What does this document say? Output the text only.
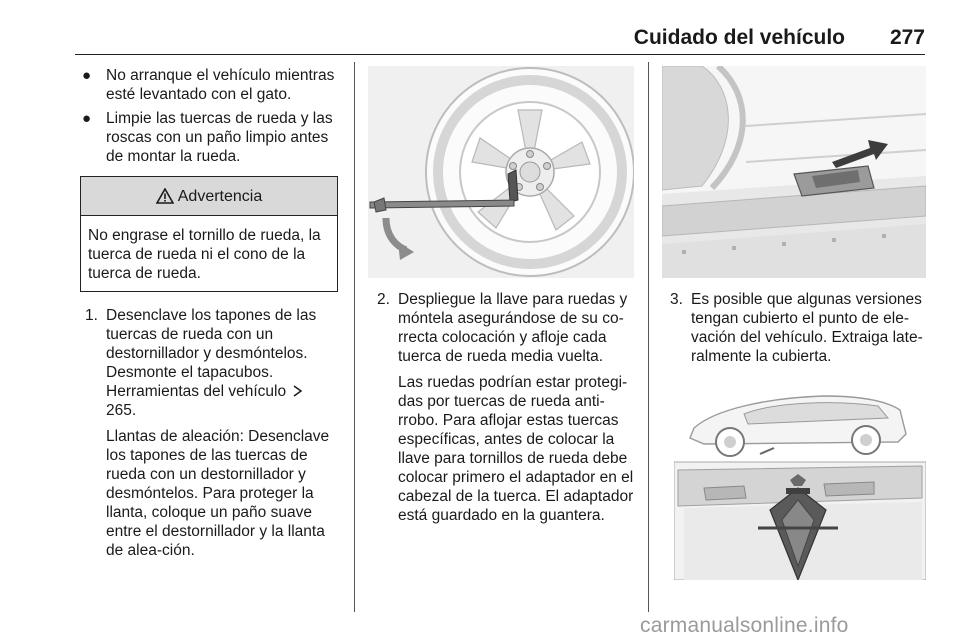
Cuidado del vehículo 277
● No arranque el vehículo mientras esté levantado con el gato.
● Limpie las tuercas de rueda y las roscas con un paño limpio antes de montar la rueda.
Advertencia
No engrase el tornillo de rueda, la tuerca de rueda ni el cono de la tuerca de rueda.
1. Desenclave los tapones de las tuercas de rueda con un destornillador y desmóntelos. Desmonte el tapacubos. Herramientas del vehículo  265.

Llantas de aleación: Desenclave los tapones de las tuercas de rueda con un destornillador y desmóntelos. Para proteger la llanta, coloque un paño suave entre el destornillador y la llanta de alea-ción.

2. Despliegue la llave para ruedas y móntela asegurándose de su co-rrecta colocación y afloje cada tuerca de rueda media vuelta.

Las ruedas podrían estar protegi-das por tuercas de rueda anti-rrobo. Para aflojar estas tuercas específicas, antes de colocar la llave para tornillos de rueda debe colocar primero el adaptador en el cabezal de la tuerca. El adaptador está guardado en la guantera.

3. Es posible que algunas versiones tengan cubierto el punto de ele-vación del vehículo. Extraiga late-ralmente la cubierta.

carmanualsonline.info
